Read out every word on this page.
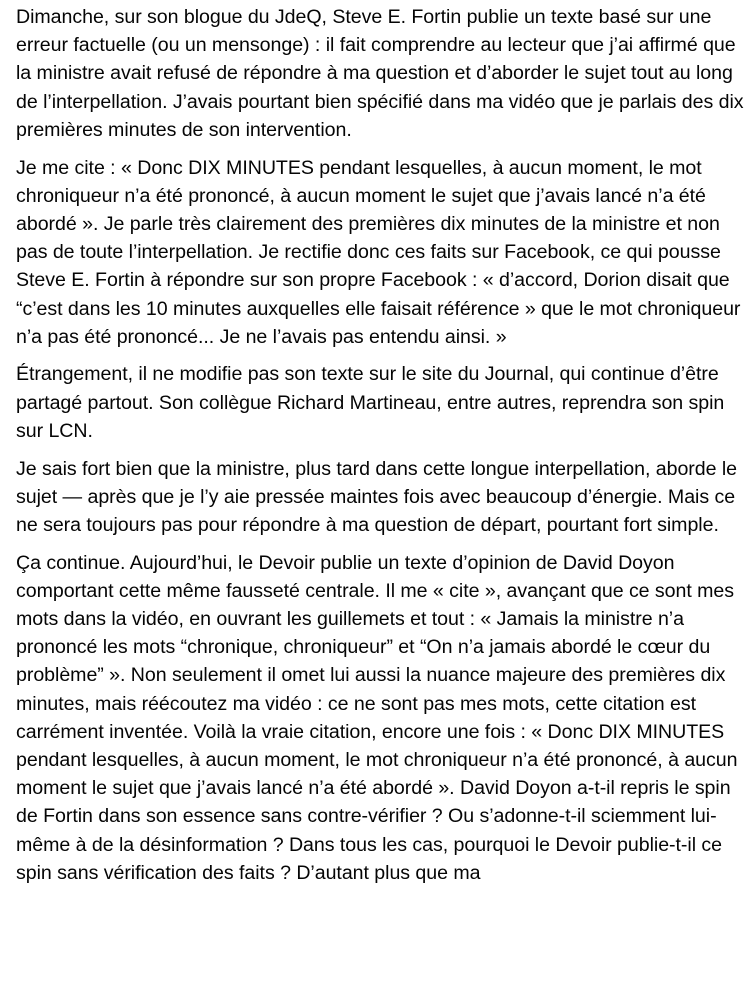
Dimanche, sur son blogue du JdeQ, Steve E. Fortin publie un texte basé sur une erreur factuelle (ou un mensonge) : il fait comprendre au lecteur que j’ai affirmé que la ministre avait refusé de répondre à ma question et d’aborder le sujet tout au long de l’interpellation. J’avais pourtant bien spécifié dans ma vidéo que je parlais des dix premières minutes de son intervention.

Je me cite : « Donc DIX MINUTES pendant lesquelles, à aucun moment, le mot chroniqueur n’a été prononcé, à aucun moment le sujet que j’avais lancé n’a été abordé ». Je parle très clairement des premières dix minutes de la ministre et non pas de toute l’interpellation. Je rectifie donc ces faits sur Facebook, ce qui pousse Steve E. Fortin à répondre sur son propre Facebook : « d’accord, Dorion disait que “c’est dans les 10 minutes auxquelles elle faisait référence » que le mot chroniqueur n’a pas été prononcé... Je ne l’avais pas entendu ainsi. »

Étrangement, il ne modifie pas son texte sur le site du Journal, qui continue d’être partagé partout. Son collègue Richard Martineau, entre autres, reprendra son spin sur LCN.

Je sais fort bien que la ministre, plus tard dans cette longue interpellation, aborde le sujet — après que je l’y aie pressée maintes fois avec beaucoup d’énergie. Mais ce ne sera toujours pas pour répondre à ma question de départ, pourtant fort simple.

Ça continue. Aujourd’hui, le Devoir publie un texte d’opinion de David Doyon comportant cette même fausseté centrale. Il me « cite », avançant que ce sont mes mots dans la vidéo, en ouvrant les guillemets et tout : « Jamais la ministre n’a prononcé les mots “chronique, chroniqueur” et “On n’a jamais abordé le cœur du problème” ». Non seulement il omet lui aussi la nuance majeure des premières dix minutes, mais réécoutez ma vidéo : ce ne sont pas mes mots, cette citation est carrément inventée. Voilà la vraie citation, encore une fois : « Donc DIX MINUTES pendant lesquelles, à aucun moment, le mot chroniqueur n’a été prononcé, à aucun moment le sujet que j’avais lancé n’a été abordé ». David Doyon a-t-il repris le spin de Fortin dans son essence sans contre-vérifier ? Ou s’adonne-t-il sciemment lui-même à de la désinformation ? Dans tous les cas, pourquoi le Devoir publie-t-il ce spin sans vérification des faits ? D’autant plus que ma
